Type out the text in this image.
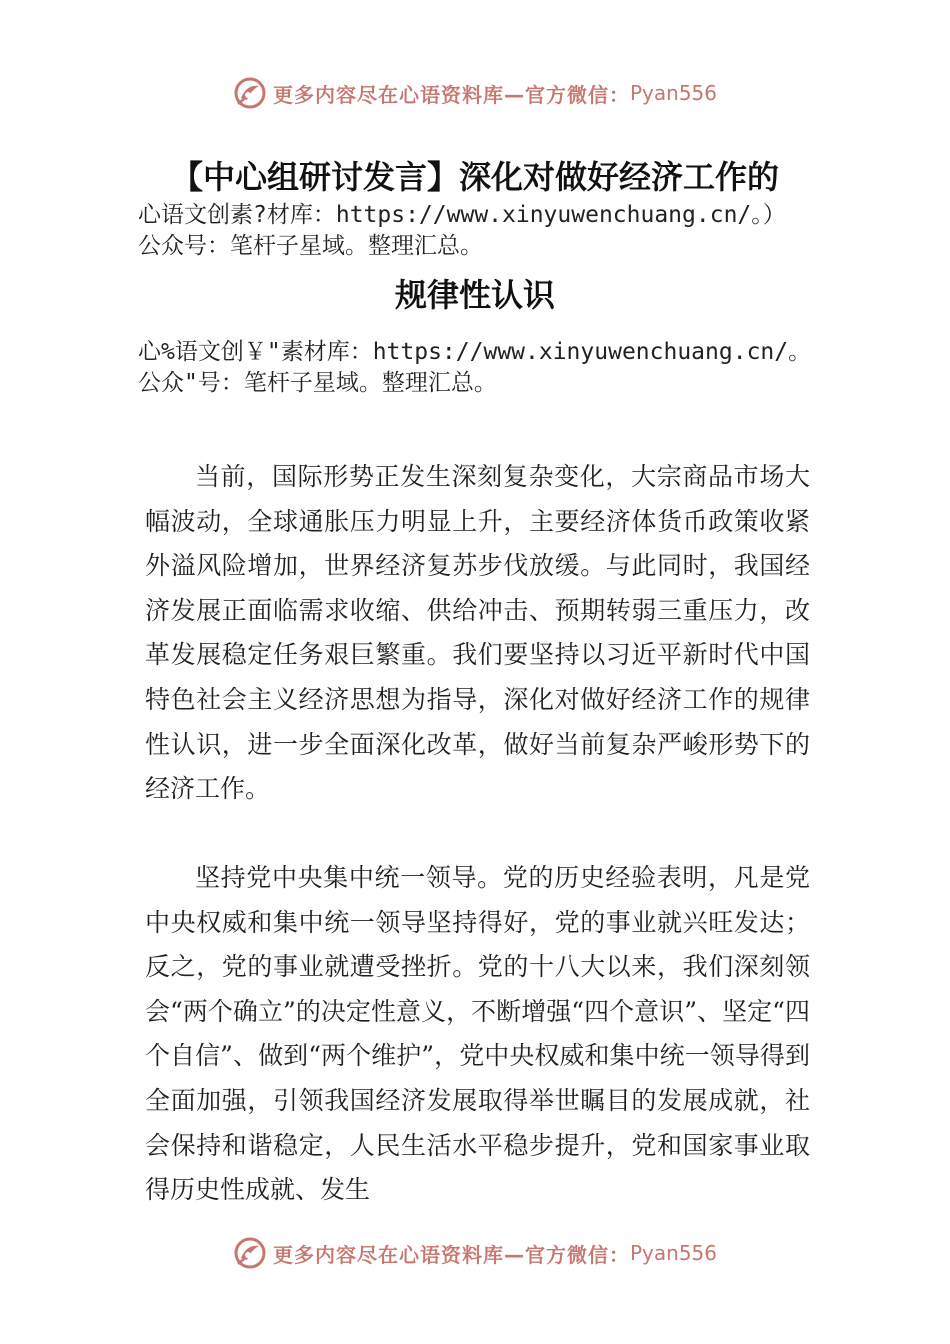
更多内容尽在心语资料库—官方微信： Pyan556
【中心组研讨发言】深化对做好经济工作的
心语文创素?材库：https://www.xinyuwenchuang.cn/。）
公众号：笔杆子星域。整理汇总。
规律性认识
心%语文创￥"素材库：https://www.xinyuwenchuang.cn/。
公众"号：笔杆子星域。整理汇总。

当前，国际形势正发生深刻复杂变化，大宗商品市场大幅波动，全球通胀压力明显上升，主要经济体货币政策收紧外溢风险增加，世界经济复苏步伐放缓。与此同时，我国经济发展正面临需求收缩、供给冲击、预期转弱三重压力，改革发展稳定任务艰巨繁重。我们要坚持以习近平新时代中国特色社会主义经济思想为指导，深化对做好经济工作的规律性认识，进一步全面深化改革，做好当前复杂严峻形势下的经济工作。

坚持党中央集中统一领导。党的历史经验表明，凡是党中央权威和集中统一领导坚持得好，党的事业就兴旺发达；反之，党的事业就遭受挫折。党的十八大以来，我们深刻领会“两个确立”的决定性意义，不断增强“四个意识”、坚定“四个自信”、做到“两个维护”，党中央权威和集中统一领导得到全面加强，引领我国经济发展取得举世瞩目的发展成就，社会保持和谐稳定，人民生活水平稳步提升，党和国家事业取得历史性成就、发生

更多内容尽在心语资料库—官方微信： Pyan556
